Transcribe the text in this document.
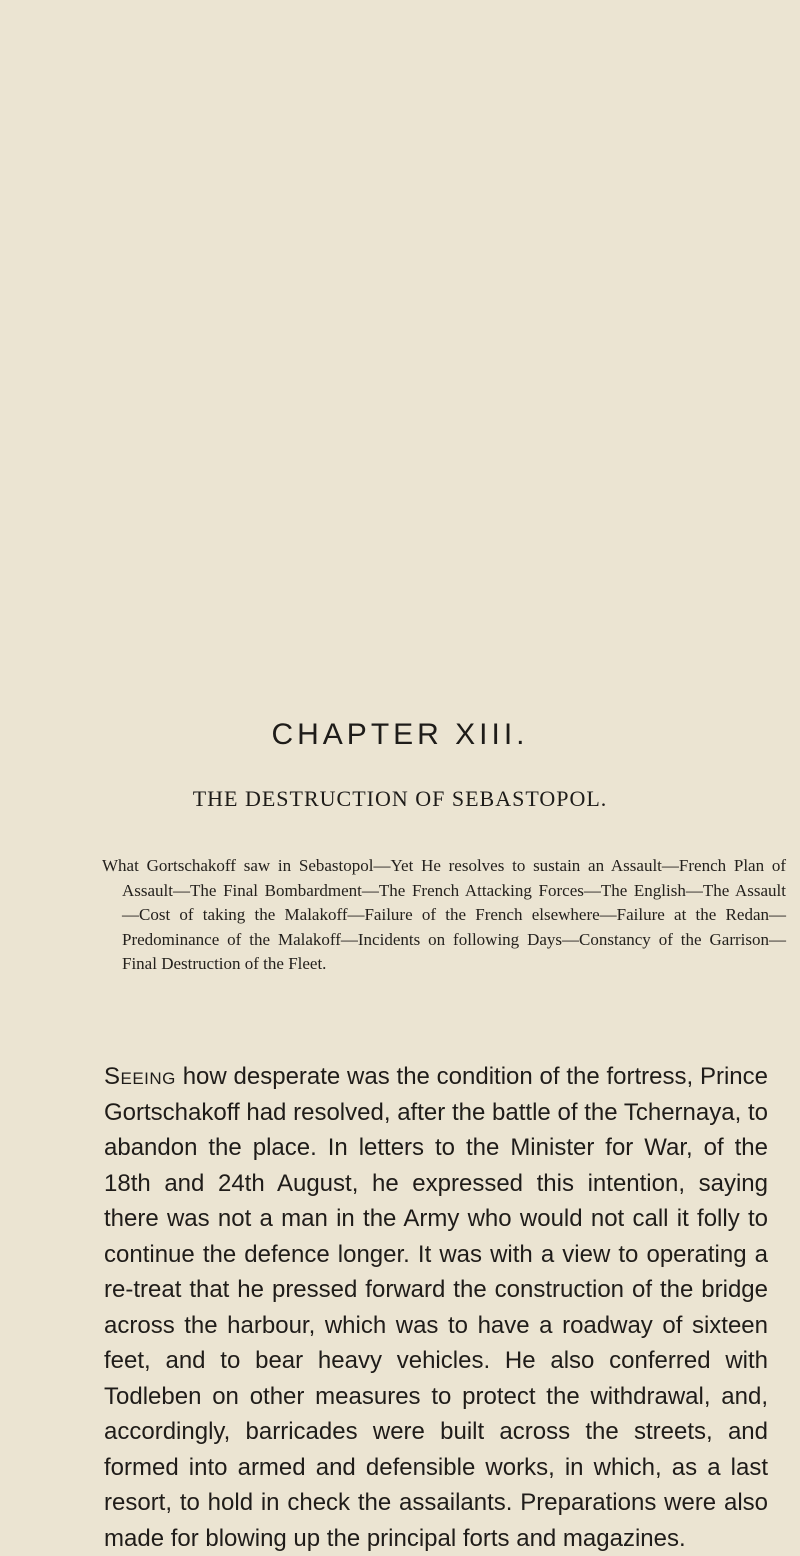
CHAPTER XIII.
THE DESTRUCTION OF SEBASTOPOL.

What Gortschakoff saw in Sebastopol—Yet He resolves to sustain an Assault—French Plan of Assault—The Final Bombardment—The French Attacking Forces—The English—The Assault—Cost of taking the Malakoff—Failure of the French elsewhere—Failure at the Redan—Predominance of the Malakoff—Incidents on following Days—Constancy of the Garrison—Final Destruction of the Fleet.

Seeing how desperate was the condition of the fortress, Prince Gortschakoff had resolved, after the battle of the Tchernaya, to abandon the place. In letters to the Minister for War, of the 18th and 24th August, he expressed this intention, saying there was not a man in the Army who would not call it folly to continue the defence longer. It was with a view to operating a re-treat that he pressed forward the construction of the bridge across the harbour, which was to have a roadway of sixteen feet, and to bear heavy vehicles. He also conferred with Todleben on other measures to protect the withdrawal, and, accordingly, barricades were built across the streets, and formed into armed and defensible works, in which, as a last resort, to hold in check the assailants. Preparations were also made for blowing up the principal forts and magazines.
